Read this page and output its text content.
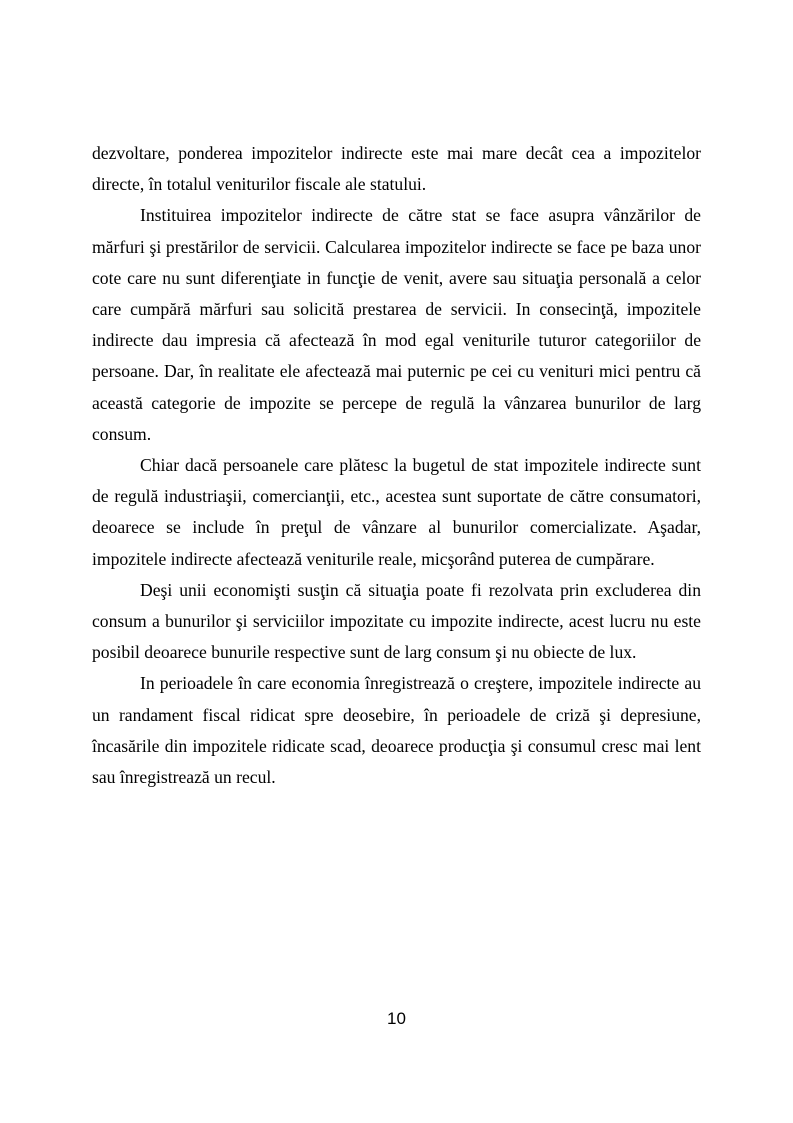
dezvoltare, ponderea impozitelor indirecte este mai mare decât cea a impozitelor directe, în totalul veniturilor fiscale ale statului.

Instituirea impozitelor indirecte de către stat se face asupra vânzărilor de mărfuri şi prestărilor de servicii. Calcularea impozitelor indirecte se face pe baza unor cote care nu sunt diferenţiate in funcţie de venit, avere sau situaţia personală a celor care cumpără mărfuri sau solicită prestarea de servicii. In consecinţă, impozitele indirecte dau impresia că afectează în mod egal veniturile tuturor categoriilor de persoane. Dar, în realitate ele afectează mai puternic pe cei cu venituri mici pentru că această categorie de impozite se percepe de regulă la vânzarea bunurilor de larg consum.

Chiar dacă persoanele care plătesc la bugetul de stat impozitele indirecte sunt de regulă industriaşii, comercianţii, etc., acestea sunt suportate de către consumatori, deoarece se include în preţul de vânzare al bunurilor comercializate. Aşadar, impozitele indirecte afectează veniturile reale, micşorând puterea de cumpărare.

Deşi unii economişti susţin că situaţia poate fi rezolvata prin excluderea din consum a bunurilor şi serviciilor impozitate cu impozite indirecte, acest lucru nu este posibil deoarece bunurile respective sunt de larg consum şi nu obiecte de lux.

In perioadele în care economia înregistrează o creştere, impozitele indirecte au un randament fiscal ridicat spre deosebire, în perioadele de criză şi depresiune, încasările din impozitele ridicate scad, deoarece producţia şi consumul cresc mai lent sau înregistrează un recul.

10
